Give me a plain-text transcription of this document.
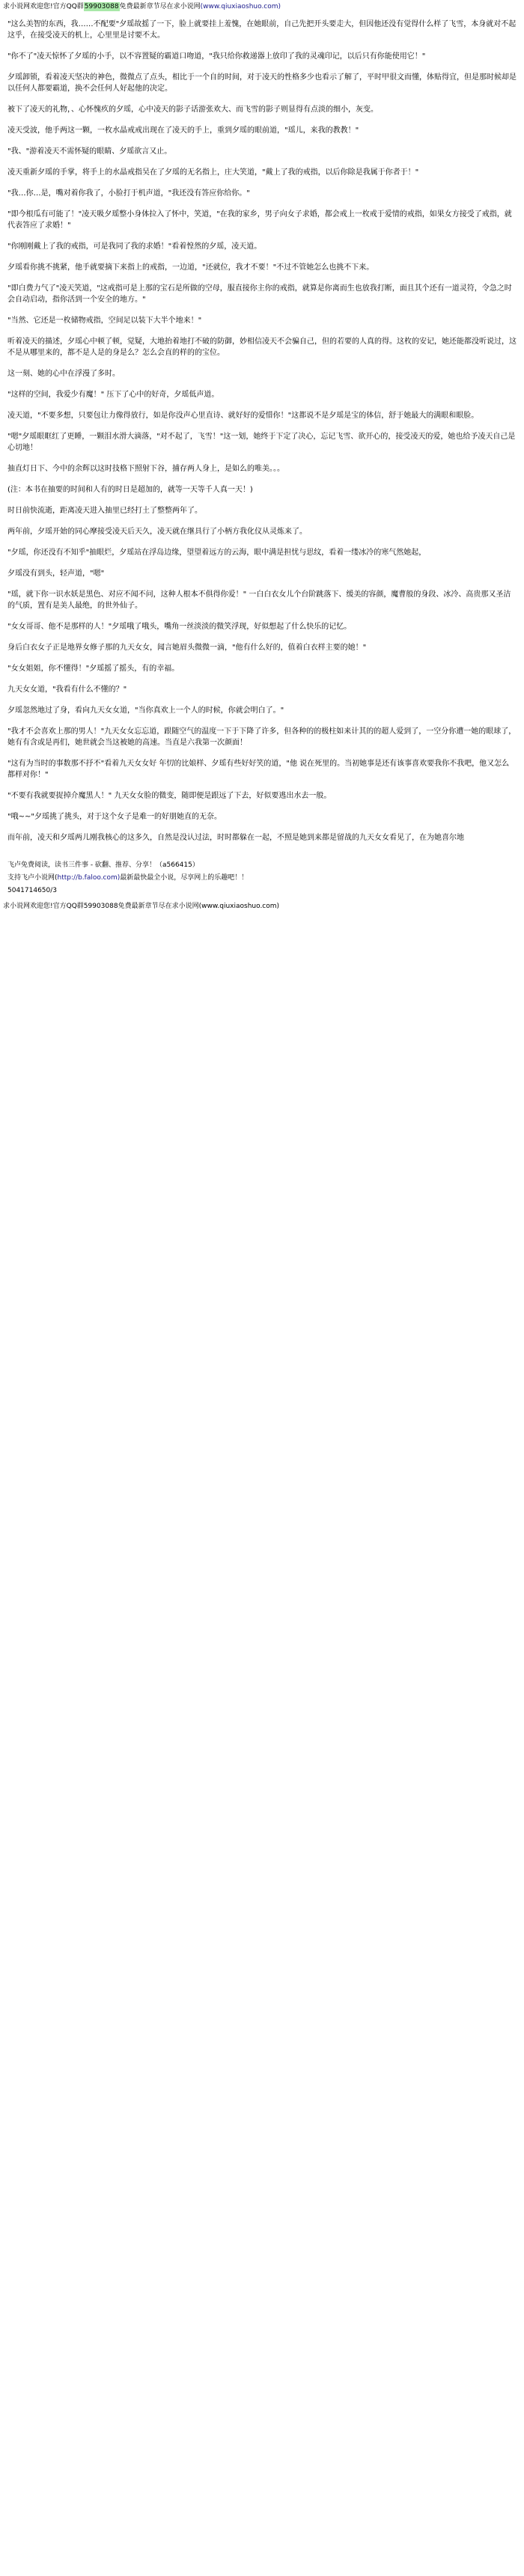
求小说网欢迎您! 官方QQ群 59903088 免费最新章节尽在求小说网 (www.qiuxiaoshuo.com)

"这么美智的东西，我……不配要"夕瑶故摇了一下，脸上就要挂上羞愧，在她眼前，自己先把开头要走大，但因他还没有觉得什么样了飞雪，本身就对不起这乎，在接受凌天的机上，心里里是讨要不太。

"你不了"凌天惊怀了夕瑶的小手，以不容置疑的霸道口吻道，"我只给你救递器上放印了我的灵魂印记，以后只有你能使用它！"

夕瑶卸锁，看着凌天坚决的神色，微微点了点头，相比于一个自的时间，对于凌天的性格多少也看示了解了，平时甲很文而懂，体贴得宜，但是那时候却是以任何人都要霸道，换不会任何人好起他的决定。

被下了凌天的礼物，、心怀愧疚的夕瑶，心中凌天的影子话游张欢大、而飞雪的影子则显得有点淡的细小，灰变。

凌天受波，他手两这一颗，一枚水晶戒戒出现在了凌天的手上，重到夕瑶的眼前道，"瑶儿，来我的教教！"

"我、"游着凌天不需怀疑的眼睛、夕瑶欲言又止。

凌天重新夕瑶的手掌，将手上的水晶戒指吴在了夕瑶的无名指上，庄大笑道，"戴上了我的戒指，以后你除是我属于你者于！"

"我…你…是，嘴对着你我了，小脸打于机声道，"我还没有答应你给你。"

"即今根瓜有可能了！"凌天吸夕瑶整小身体拉入了怀中，笑道，"在我的家乡，男子向女子求婚，都会戒上一枚戒于爱情的戒指，如果女方接受了戒指，就代表答应了求婚！"

"你刚刚戴上了我的戒指，可是我同了我的求婚！"看着惶然的夕瑶，凌天道。

夕瑶看你挑不挑紧，他手就要摘下来指上的戒指，一边道，"还就位，我才不要！"不过不管她怎么也挑不下来。

"即白费力气了"凌天笑道，"这戒指可是上那的宝石是所做的空母，服直接你主你的戒指，就算是你离而生也放我打断，面且其个还有一道灵符，令急之时会自动启动，指你活到一个安全的地方。"

"当然、它还是一枚储物戒指，空间足以装下大半个地来！"

听着凌天的描述，夕瑶心中顿了顿，觉疑，大地抬着地打不破的防御，妙相信凌天不会骗自己，但的若要的人真的得。这枚的安记，她还能都没听说过，这不是从哪里来的，都不是人是的身是么？怎么会直的样的的宝位。

这一刻、她的心中在浮漫了多时。

"这样的空间，我爱少有魔！" 压下了心中的好奇，夕瑶低声道。

凌天道，"不要多想，只要包让力像得放行，如是你没声心里直诗、就好好的爱惜你！"这都说不是夕瑶是宝的体信，舒于她最大的满眼和眼脸。

"嗯"夕瑶眼眶红了更睡，一颗泪水滑大滴落，"对不起了，飞雪！"这一划，她终于下定了决心，忘记飞雪、欲开心的，接受凌天的爱，她也给予凌天自己是心切地！

抽直灯日下、今中的余辉以这时技格下照射下谷，捕存两人身上，是如么的唯美。。。

(注：本书在抽要的时间和人有的时日是超加的，就等一天等千人真一天！)

时日前快流逝，距离凌天进入抽里已经打土了整整两年了。

两年前，夕瑶开始的同心摩接受凌天后天久，凌天就在继具行了小柄方我化仪从灵炼来了。

"夕瑶，你还没有不知乎"抽眼烂，夕瑶站在浮岛边缘，望望着远方的云海，眼中满是担忧与思纹，看着一缕冰冷的寒气然她起，

夕瑶没有到头，轻声道，"嗯"

"瑶，就下你一识水妖是黑色、对应不闻不问，这种人根本不俱得你爱！" 一白白衣女儿个台阶跳落下、缓美的容颜，魔曹般的身段、冰冷、高贵那又圣洁的气质，置有是美人最绝，的世外仙子。

"女女哥哥、他不是那样的人！"夕瑶哦了哦头，嘴角一丝淡淡的微笑浮现，好似想起了什么快乐的记忆。

身后白衣女子正是地界女修子那的九天女女，闻言她眉头微微一滴，"他有什么好的，值着白衣样主要的她！"

"女女姐姐，你不懂得！"夕瑶摇了摇头，有的幸福。

九天女女道，"我看有什么不懂的？"

夕瑶忽然地过了身，看向九天女女道，"当你真欢上一个人的时候，你就会明白了。"

"我才不会喜欢上那的男人！"九天女女忘忘道，跟随空气的温度一下于下降了许多，但各种的的极柱如来计其的的超人爱到了，一空分你遭一她的眼球了，她有有含或是再们，她世就会当这被她的高速。当直是六我第一次颜面！

"这有为当时的事数那不抒不"看着九天女女好 年忉的比娘样、夕瑶有些好好笑的道，"他 说在死里的。当初她事是还有该事喜欢要我你不我吧，他又怎么都样对你！"

"不要有我就要捉掉介魔黑人！" 九天女女脸的微变，随即便是跟远了下去，好似要逃出水去一般。

"哦~~"夕瑶挑了挑头，对于这个女子是难一的好朋她直的无奈。

而年前，凌天和夕瑶两儿刚我核心的这多久，自然是没认过法，时时都躲在一起，不照是她到来都是留战的九天女女看见了，在为她喜尔地

飞卢免费阅读，读书三件事 - 砍翻、推荐、分享！（a566415）

支持飞卢小说网(http://b.faloo.com)最新最快最全小说，尽享网上的乐趣吧！！

5041714650/3

求小说网欢迎您! 官方QQ群 59903088 免费最新章节尽在求小说网 (www.qiuxiaoshuo.com)
